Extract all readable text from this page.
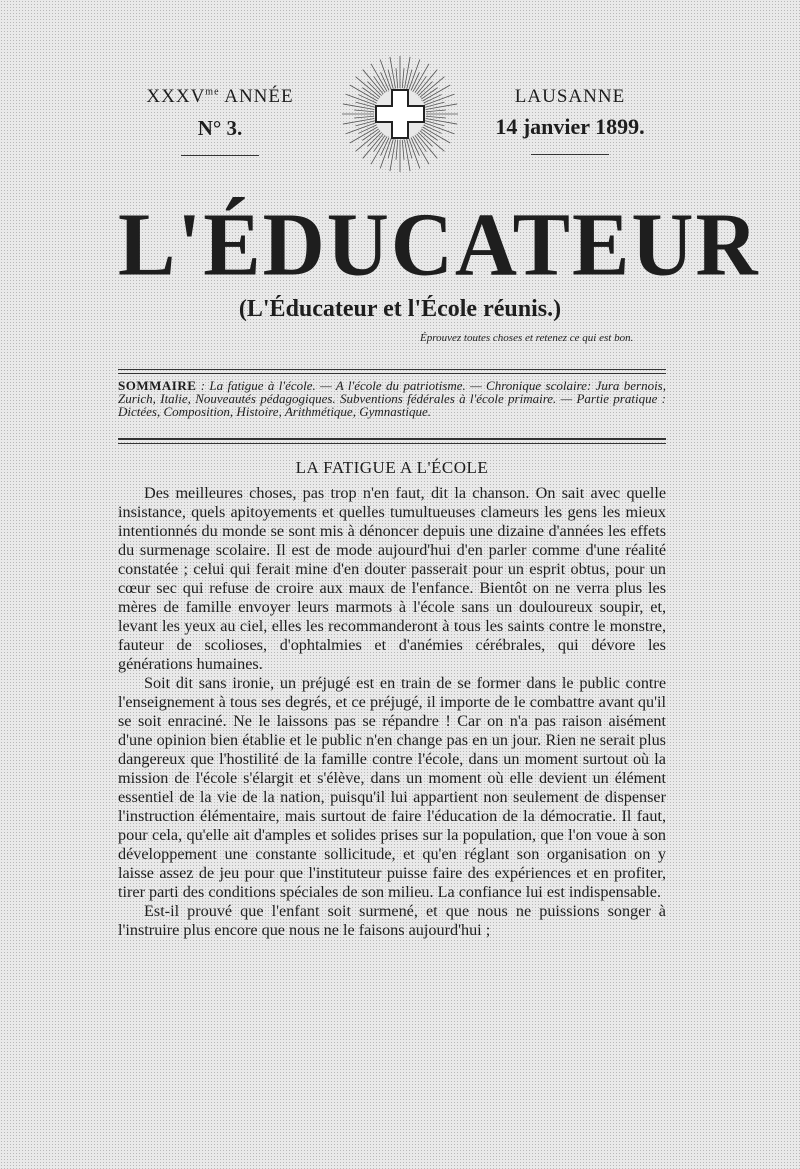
$XXXV^{me}$ ANNÉE
N° 3.
LAUSANNE
14 janvier 1899.
L'ÉDUCATEUR
(L'Éducateur et l'École réunis.)
Éprouvez toutes choses et retenez ce qui est bon.
SOMMAIRE : La fatigue à l'école. — A l'école du patriotisme. — Chronique scolaire: Jura bernois, Zurich, Italie, Nouveautés pédagogiques. Subventions fédérales à l'école primaire. — Partie pratique : Dictées, Composition, Histoire, Arithmétique, Gymnastique.
LA FATIGUE A L'ÉCOLE

Des meilleures choses, pas trop n'en faut, dit la chanson. On sait avec quelle insistance, quels apitoyements et quelles tumultueuses clameurs les gens les mieux intentionnés du monde se sont mis à dénoncer depuis une dizaine d'années les effets du surmenage scolaire. Il est de mode aujourd'hui d'en parler comme d'une réalité constatée ; celui qui ferait mine d'en douter passerait pour un esprit obtus, pour un cœur sec qui refuse de croire aux maux de l'enfance. Bientôt on ne verra plus les mères de famille envoyer leurs marmots à l'école sans un douloureux soupir, et, levant les yeux au ciel, elles les recommanderont à tous les saints contre le monstre, fauteur de scolioses, d'ophtalmies et d'anémies cérébrales, qui dévore les générations humaines.

Soit dit sans ironie, un préjugé est en train de se former dans le public contre l'enseignement à tous ses degrés, et ce préjugé, il importe de le combattre avant qu'il se soit enraciné. Ne le laissons pas se répandre ! Car on n'a pas raison aisément d'une opinion bien établie et le public n'en change pas en un jour. Rien ne serait plus dangereux que l'hostilité de la famille contre l'école, dans un moment surtout où la mission de l'école s'élargit et s'élève, dans un moment où elle devient un élément essentiel de la vie de la nation, puisqu'il lui appartient non seulement de dispenser l'instruction élémentaire, mais surtout de faire l'éducation de la démocratie. Il faut, pour cela, qu'elle ait d'amples et solides prises sur la population, que l'on voue à son développement une constante sollicitude, et qu'en réglant son organisation on y laisse assez de jeu pour que l'instituteur puisse faire des expériences et en profiter, tirer parti des conditions spéciales de son milieu. La confiance lui est indispensable.

Est-il prouvé que l'enfant soit surmené, et que nous ne puissions songer à l'instruire plus encore que nous ne le faisons aujourd'hui ;
